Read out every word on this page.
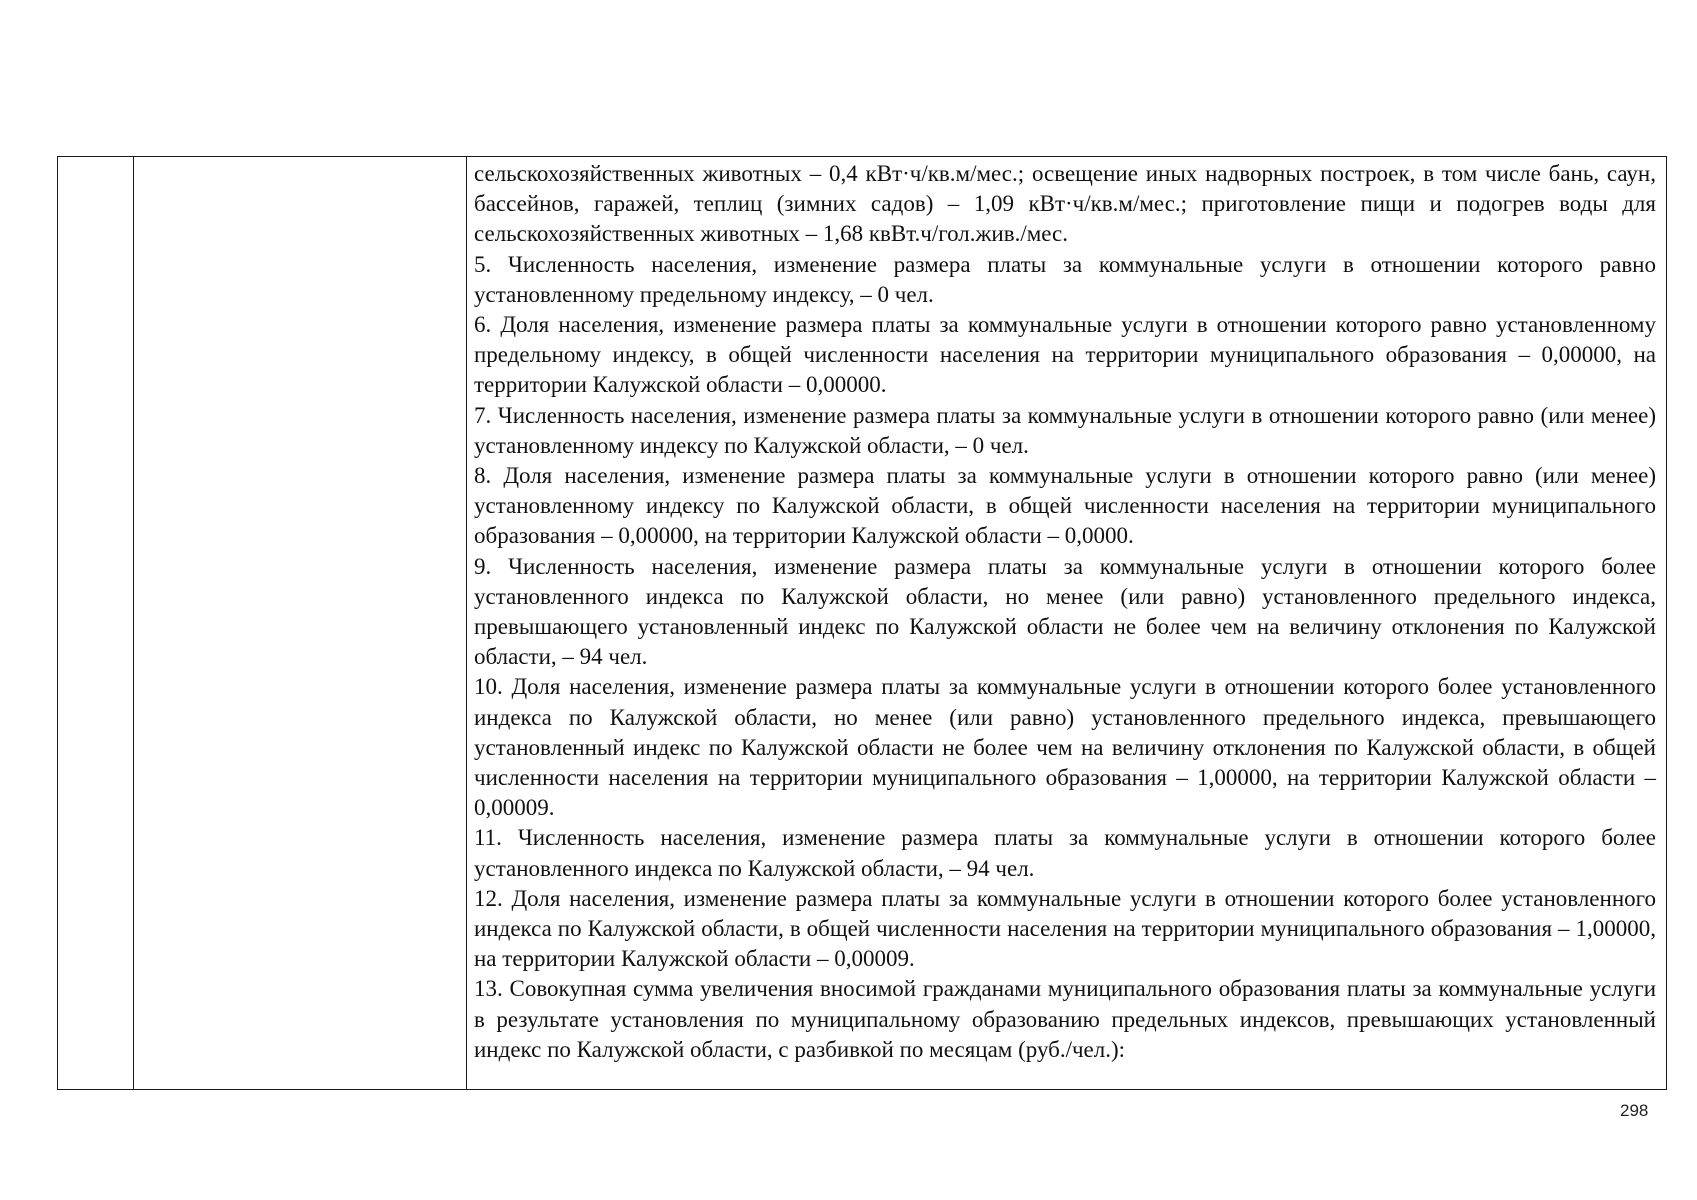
сельскохозяйственных животных – 0,4 кВт·ч/кв.м/мес.; освещение иных надворных построек, в том числе бань, саун, бассейнов, гаражей, теплиц (зимних садов) – 1,09 кВт·ч/кв.м/мес.; приготовление пищи и подогрев воды для сельскохозяйственных животных – 1,68 квВт.ч/гол.жив./мес.

5. Численность населения, изменение размера платы за коммунальные услуги в отношении которого равно установленному предельному индексу, – 0 чел.

6. Доля населения, изменение размера платы за коммунальные услуги в отношении которого равно установленному предельному индексу, в общей численности населения на территории муниципального образования – 0,00000, на территории Калужской области – 0,00000.

7. Численность населения, изменение размера платы за коммунальные услуги в отношении которого равно (или менее) установленному индексу по Калужской области, – 0 чел.

8. Доля населения, изменение размера платы за коммунальные услуги в отношении которого равно (или менее) установленному индексу по Калужской области, в общей численности населения на территории муниципального образования – 0,00000, на территории Калужской области – 0,0000.

9. Численность населения, изменение размера платы за коммунальные услуги в отношении которого более установленного индекса по Калужской области, но менее (или равно) установленного предельного индекса, превышающего установленный индекс по Калужской области не более чем на величину отклонения по Калужской области, – 94 чел.

10. Доля населения, изменение размера платы за коммунальные услуги в отношении которого более установленного индекса по Калужской области, но менее (или равно) установленного предельного индекса, превышающего установленный индекс по Калужской области не более чем на величину отклонения по Калужской области, в общей численности населения на территории муниципального образования – 1,00000, на территории Калужской области – 0,00009.

11. Численность населения, изменение размера платы за коммунальные услуги в отношении которого более установленного индекса по Калужской области, – 94 чел.

12. Доля населения, изменение размера платы за коммунальные услуги в отношении которого более установленного индекса по Калужской области, в общей численности населения на территории муниципального образования – 1,00000, на территории Калужской области – 0,00009.

13. Совокупная сумма увеличения вносимой гражданами муниципального образования платы за коммунальные услуги в результате установления по муниципальному образованию предельных индексов, превышающих установленный индекс по Калужской области, с разбивкой по месяцам (руб./чел.):

298
